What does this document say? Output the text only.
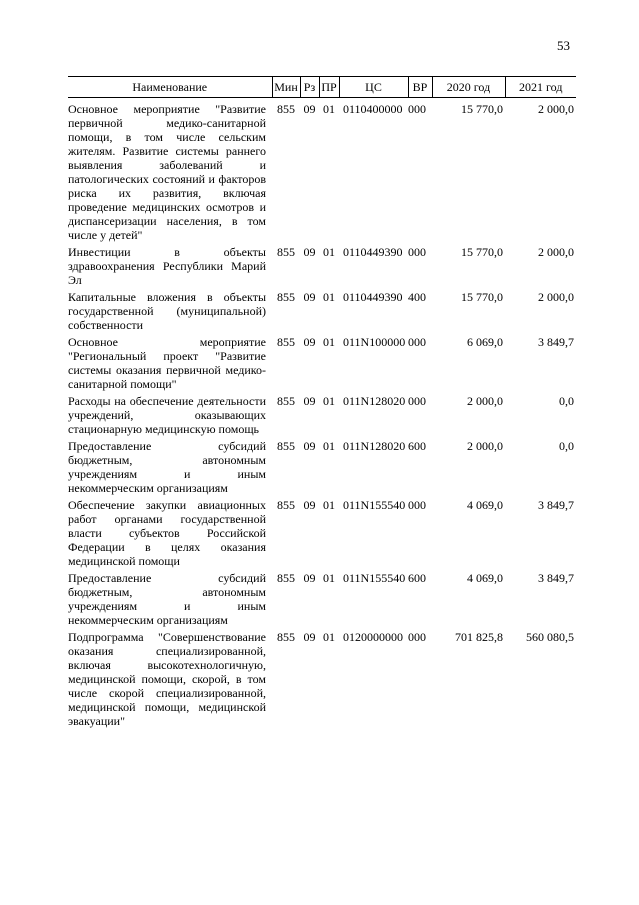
53
Наименование	Мин	Рз	ПР	ЦС	ВР	2020 год	2021 год

Основное мероприятие "Развитие первичной медико-санитарной помощи, в том числе сельским жителям. Развитие системы раннего выявления заболеваний и патологических состояний и факторов риска их развития, включая проведение медицинских осмотров и диспансеризации населения, в том числе у детей"	855	09	01	0110400000	000	15 770,0	2 000,0
Инвестиции в объекты здравоохранения Республики Марий Эл	855	09	01	0110449390	000	15 770,0	2 000,0
Капитальные вложения в объекты государственной (муниципальной) собственности	855	09	01	0110449390	400	15 770,0	2 000,0
Основное мероприятие "Региональный проект "Развитие системы оказания первичной медико-санитарной помощи"	855	09	01	011N100000	000	6 069,0	3 849,7
Расходы на обеспечение деятельности учреждений, оказывающих стационарную медицинскую помощь	855	09	01	011N128020	000	2 000,0	0,0
Предоставление субсидий бюджетным, автономным учреждениям и иным некоммерческим организациям	855	09	01	011N128020	600	2 000,0	0,0
Обеспечение закупки авиационных работ органами государственной власти субъектов Российской Федерации в целях оказания медицинской помощи	855	09	01	011N155540	000	4 069,0	3 849,7
Предоставление субсидий бюджетным, автономным учреждениям и иным некоммерческим организациям	855	09	01	011N155540	600	4 069,0	3 849,7
Подпрограмма "Совершенствование оказания специализированной, включая высокотехнологичную, медицинской помощи, скорой, в том числе скорой специализированной, медицинской помощи, медицинской эвакуации"	855	09	01	0120000000	000	701 825,8	560 080,5
